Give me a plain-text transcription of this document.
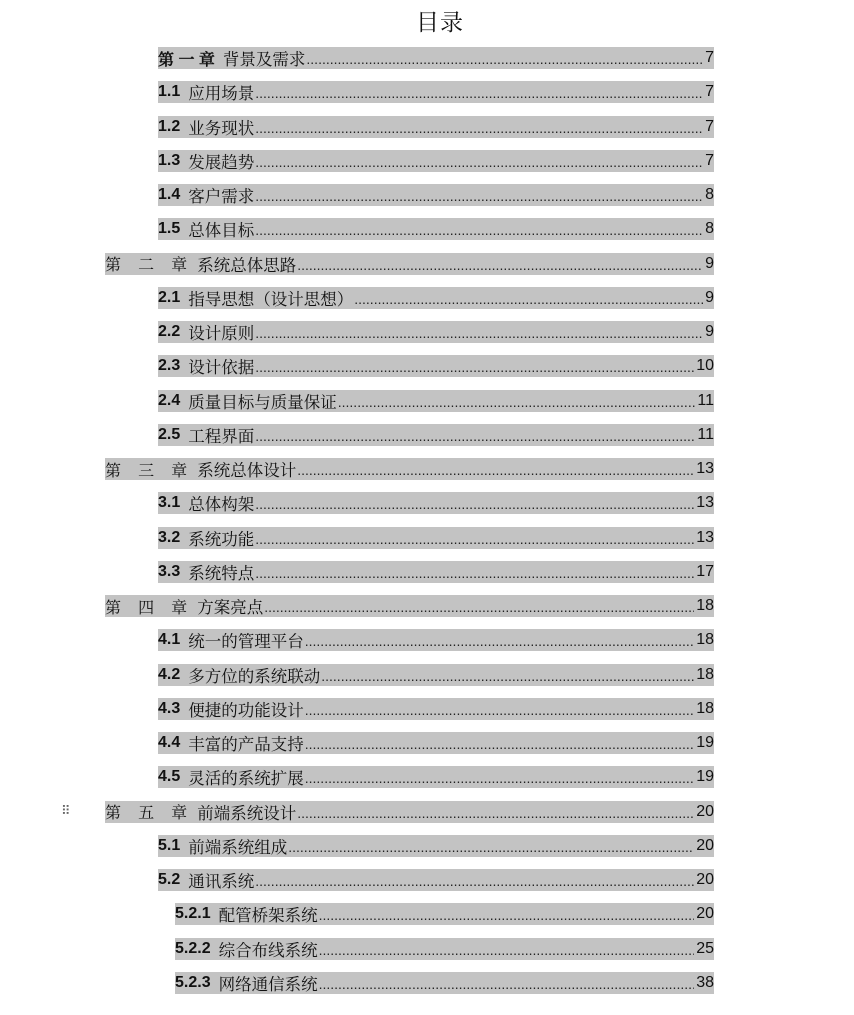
目录
⠿
第 一 章 背景及需求 .....	7
1.1 应用场景 .....	7
1.2 业务现状 .....	7
1.3 发展趋势 .....	7
1.4 客户需求 .....	8
1.5 总体目标 .....	8
第 二 章 系统总体思路 .....	9
2.1 指导思想（设计思想） .....	9
2.2 设计原则 .....	9
2.3 设计依据 .....	10
2.4 质量目标与质量保证 .....	11
2.5 工程界面 .....	11
第 三 章 系统总体设计 .....	13
3.1 总体构架 .....	13
3.2 系统功能 .....	13
3.3 系统特点 .....	17
第 四 章 方案亮点 .....	18
4.1 统一的管理平台 .....	18
4.2 多方位的系统联动 .....	18
4.3 便捷的功能设计 .....	18
4.4 丰富的产品支持 .....	19
4.5 灵活的系统扩展 .....	19
第 五 章 前端系统设计 .....	20
5.1 前端系统组成 .....	20
5.2 通讯系统 .....	20
5.2.1 配管桥架系统 .....	20
5.2.2 综合布线系统 .....	25
5.2.3 网络通信系统 .....	38
